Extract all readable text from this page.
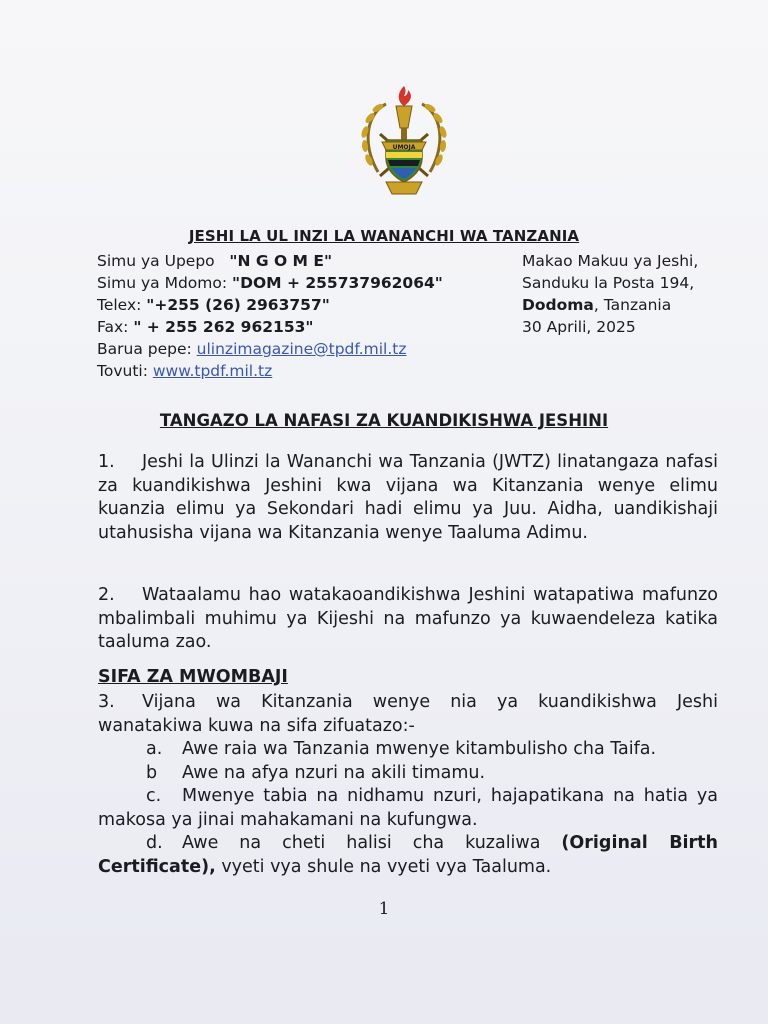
UMOJA
JESHI LA UL INZI LA WANANCHI WA TANZANIA
Simu ya Upepo "N G O M E"
Simu ya Mdomo: "DOM + 255737962064"
Telex: "+255 (26) 2963757"
Fax: " + 255 262 962153"
Barua pepe: ulinzimagazine@tpdf.mil.tz
Tovuti: www.tpdf.mil.tz
Makao Makuu ya Jeshi,
Sanduku la Posta 194,
Dodoma, Tanzania
30 Aprili, 2025
TANGAZO LA NAFASI ZA KUANDIKISHWA JESHINI
1. Jeshi la Ulinzi la Wananchi wa Tanzania (JWTZ) linatangaza nafasi za kuandikishwa Jeshini kwa vijana wa Kitanzania wenye elimu kuanzia elimu ya Sekondari hadi elimu ya Juu. Aidha, uandikishaji utahusisha vijana wa Kitanzania wenye Taaluma Adimu.
2. Wataalamu hao watakaoandikishwa Jeshini watapatiwa mafunzo mbalimbali muhimu ya Kijeshi na mafunzo ya kuwaendeleza katika taaluma zao.
SIFA ZA MWOMBAJI
3. Vijana wa Kitanzania wenye nia ya kuandikishwa Jeshi wanatakiwa kuwa na sifa zifuatazo:-
a. Awe raia wa Tanzania mwenye kitambulisho cha Taifa.
b Awe na afya nzuri na akili timamu.
c. Mwenye tabia na nidhamu nzuri, hajapatikana na hatia ya makosa ya jinai mahakamani na kufungwa.
d. Awe na cheti halisi cha kuzaliwa (Original Birth Certificate), vyeti vya shule na vyeti vya Taaluma.
1
